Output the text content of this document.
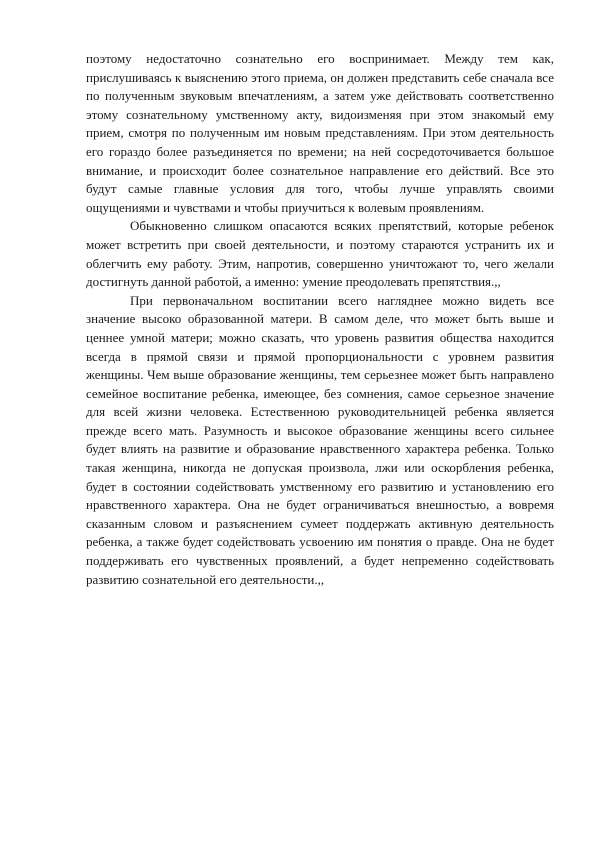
поэтому недостаточно сознательно его воспринимает. Между тем как, прислушиваясь к выяснению этого приема, он должен представить себе сначала все по полученным звуковым впечатлениям, а затем уже действовать соответственно этому сознательному умственному акту, видоизменяя при этом знакомый ему прием, смотря по полученным им новым представлениям. При этом деятельность его гораздо более разъединяется по времени; на ней сосредоточивается большое внимание, и происходит более сознательное направление его действий. Все это будут самые главные условия для того, чтобы лучше управлять своими ощущениями и чувствами и чтобы приучиться к волевым проявлениям.

Обыкновенно слишком опасаются всяких препятствий, которые ребенок может встретить при своей деятельности, и поэтому стараются устранить их и облегчить ему работу. Этим, напротив, совершенно уничтожают то, чего желали достигнуть данной работой, а именно: умение преодолевать препятствия.,,

При первоначальном воспитании всего нагляднее можно видеть все значение высоко образованной матери. В самом деле, что может быть выше и ценнее умной матери; можно сказать, что уровень развития общества находится всегда в прямой связи и прямой пропорциональности с уровнем развития женщины. Чем выше образование женщины, тем серьезнее может быть направлено семейное воспитание ребенка, имеющее, без сомнения, самое серьезное значение для всей жизни человека. Естественною руководительницей ребенка является прежде всего мать. Разумность и высокое образование женщины всего сильнее будет влиять на развитие и образование нравственного характера ребенка. Только такая женщина, никогда не допуская произвола, лжи или оскорбления ребенка, будет в состоянии содействовать умственному его развитию и установлению его нравственного характера. Она не будет ограничиваться внешностью, а вовремя сказанным словом и разъяснением сумеет поддержать активную деятельность ребенка, а также будет содействовать усвоению им понятия о правде. Она не будет поддерживать его чувственных проявлений, а будет непременно содействовать развитию сознательной его деятельности.,,
